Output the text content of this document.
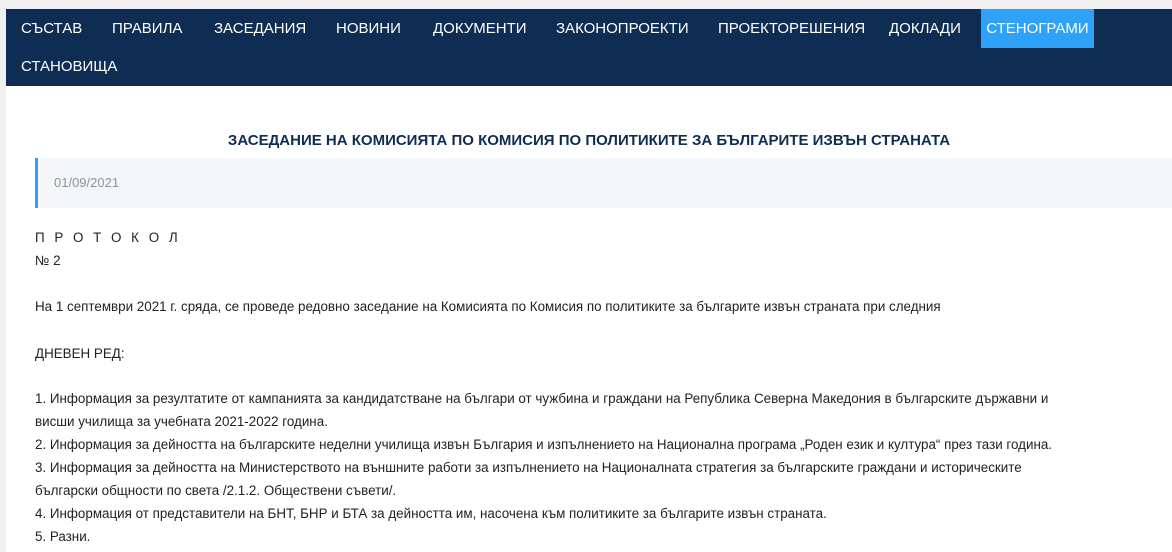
СЪСТАВ	ПРАВИЛА	ЗАСЕДАНИЯ	НОВИНИ	ДОКУМЕНТИ	ЗАКОНОПРОЕКТИ	ПРОЕКТОРЕШЕНИЯ	ДОКЛАДИ	СТЕНОГРАМИ
СТАНОВИЩА
ЗАСЕДАНИЕ НА КОМИСИЯТА ПО КОМИСИЯ ПО ПОЛИТИКИТЕ ЗА БЪЛГАРИТЕ ИЗВЪН СТРАНАТА
01/09/2021
П Р О Т О К О Л
№ 2
На 1 септември 2021 г. сряда, се проведе редовно заседание на Комисията по Комисия по политиките за българите извън страната при следния
ДНЕВЕН РЕД:
1. Информация за резултатите от кампанията за кандидатстване на българи от чужбина и граждани на Република Северна Македония в българските държавни и
висши училища за учебната 2021-2022 година.
2. Информация за дейността на българските неделни училища извън България и изпълнението на Национална програма „Роден език и култура“ през тази година.
3. Информация за дейността на Министерството на външните работи за изпълнението на Националната стратегия за българските граждани и историческите
български общности по света /2.1.2. Обществени съвети/.
4. Информация от представители на БНТ, БНР и БТА за дейността им, насочена към политиките за българите извън страната.
5. Разни.
